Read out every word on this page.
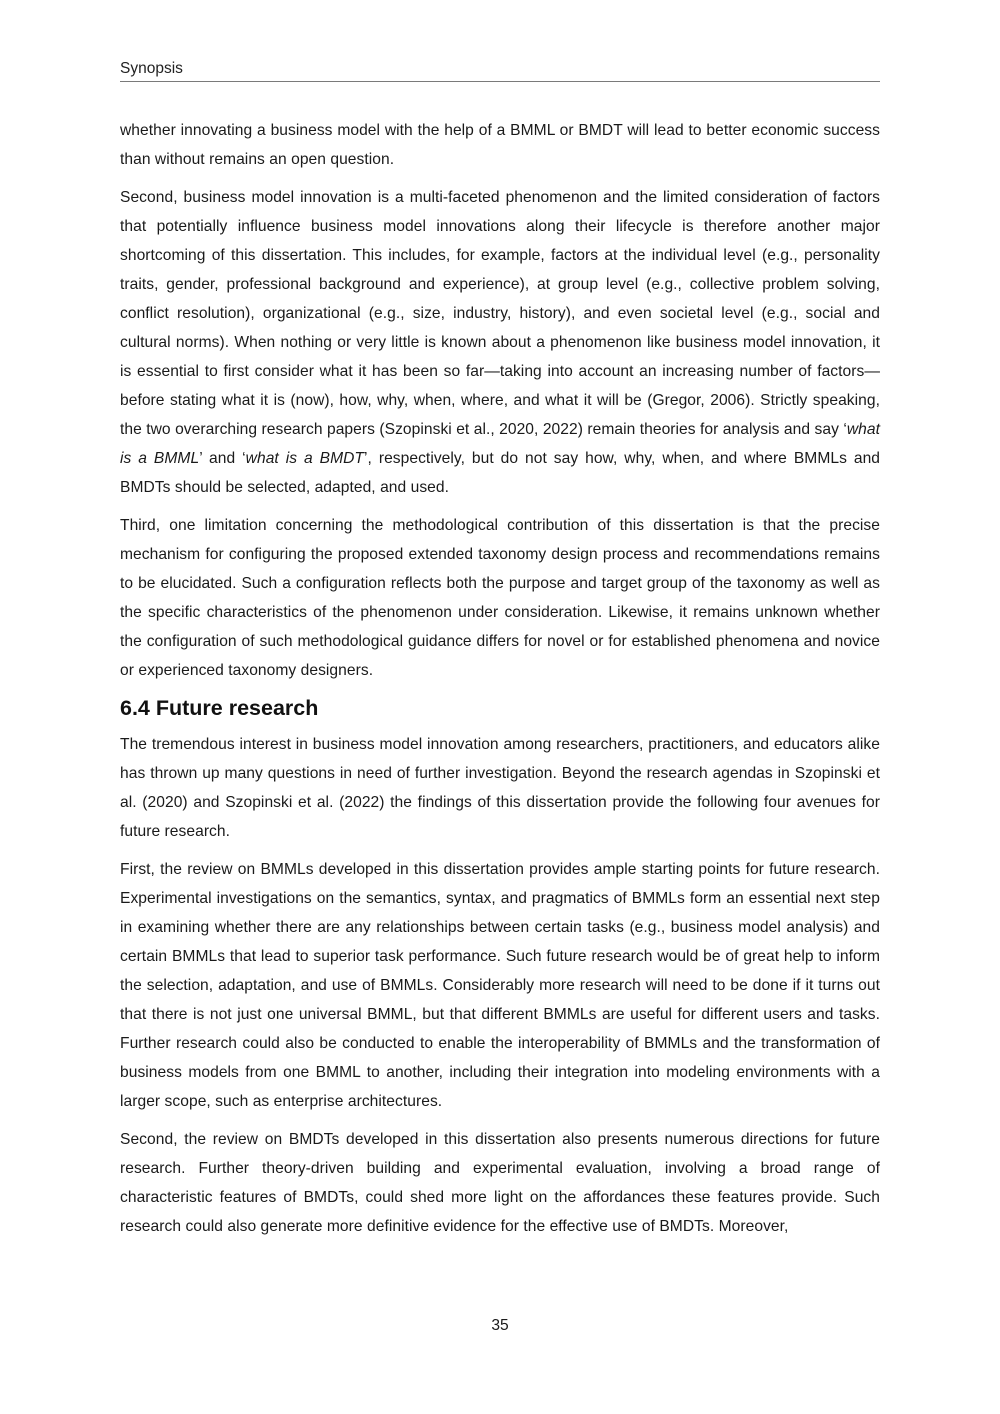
Synopsis

whether innovating a business model with the help of a BMML or BMDT will lead to better economic success than without remains an open question.

Second, business model innovation is a multi-faceted phenomenon and the limited consideration of factors that potentially influence business model innovations along their lifecycle is therefore another major shortcoming of this dissertation. This includes, for example, factors at the individual level (e.g., personality traits, gender, professional background and experience), at group level (e.g., collective problem solving, conflict resolution), organizational (e.g., size, industry, history), and even societal level (e.g., social and cultural norms). When nothing or very little is known about a phenomenon like business model innovation, it is essential to first consider what it has been so far—taking into account an increasing number of factors—before stating what it is (now), how, why, when, where, and what it will be (Gregor, 2006). Strictly speaking, the two overarching research papers (Szopinski et al., 2020, 2022) remain theories for analysis and say ‘what is a BMML’ and ‘what is a BMDT’, respectively, but do not say how, why, when, and where BMMLs and BMDTs should be selected, adapted, and used.

Third, one limitation concerning the methodological contribution of this dissertation is that the precise mechanism for configuring the proposed extended taxonomy design process and recommendations remains to be elucidated. Such a configuration reflects both the purpose and target group of the taxonomy as well as the specific characteristics of the phenomenon under consideration. Likewise, it remains unknown whether the configuration of such methodological guidance differs for novel or for established phenomena and novice or experienced taxonomy designers.

6.4 Future research

The tremendous interest in business model innovation among researchers, practitioners, and educators alike has thrown up many questions in need of further investigation. Beyond the research agendas in Szopinski et al. (2020) and Szopinski et al. (2022) the findings of this dissertation provide the following four avenues for future research.

First, the review on BMMLs developed in this dissertation provides ample starting points for future research. Experimental investigations on the semantics, syntax, and pragmatics of BMMLs form an essential next step in examining whether there are any relationships between certain tasks (e.g., business model analysis) and certain BMMLs that lead to superior task performance. Such future research would be of great help to inform the selection, adaptation, and use of BMMLs. Considerably more research will need to be done if it turns out that there is not just one universal BMML, but that different BMMLs are useful for different users and tasks. Further research could also be conducted to enable the interoperability of BMMLs and the transformation of business models from one BMML to another, including their integration into modeling environments with a larger scope, such as enterprise architectures.

Second, the review on BMDTs developed in this dissertation also presents numerous directions for future research. Further theory-driven building and experimental evaluation, involving a broad range of characteristic features of BMDTs, could shed more light on the affordances these features provide. Such research could also generate more definitive evidence for the effective use of BMDTs. Moreover,

35
